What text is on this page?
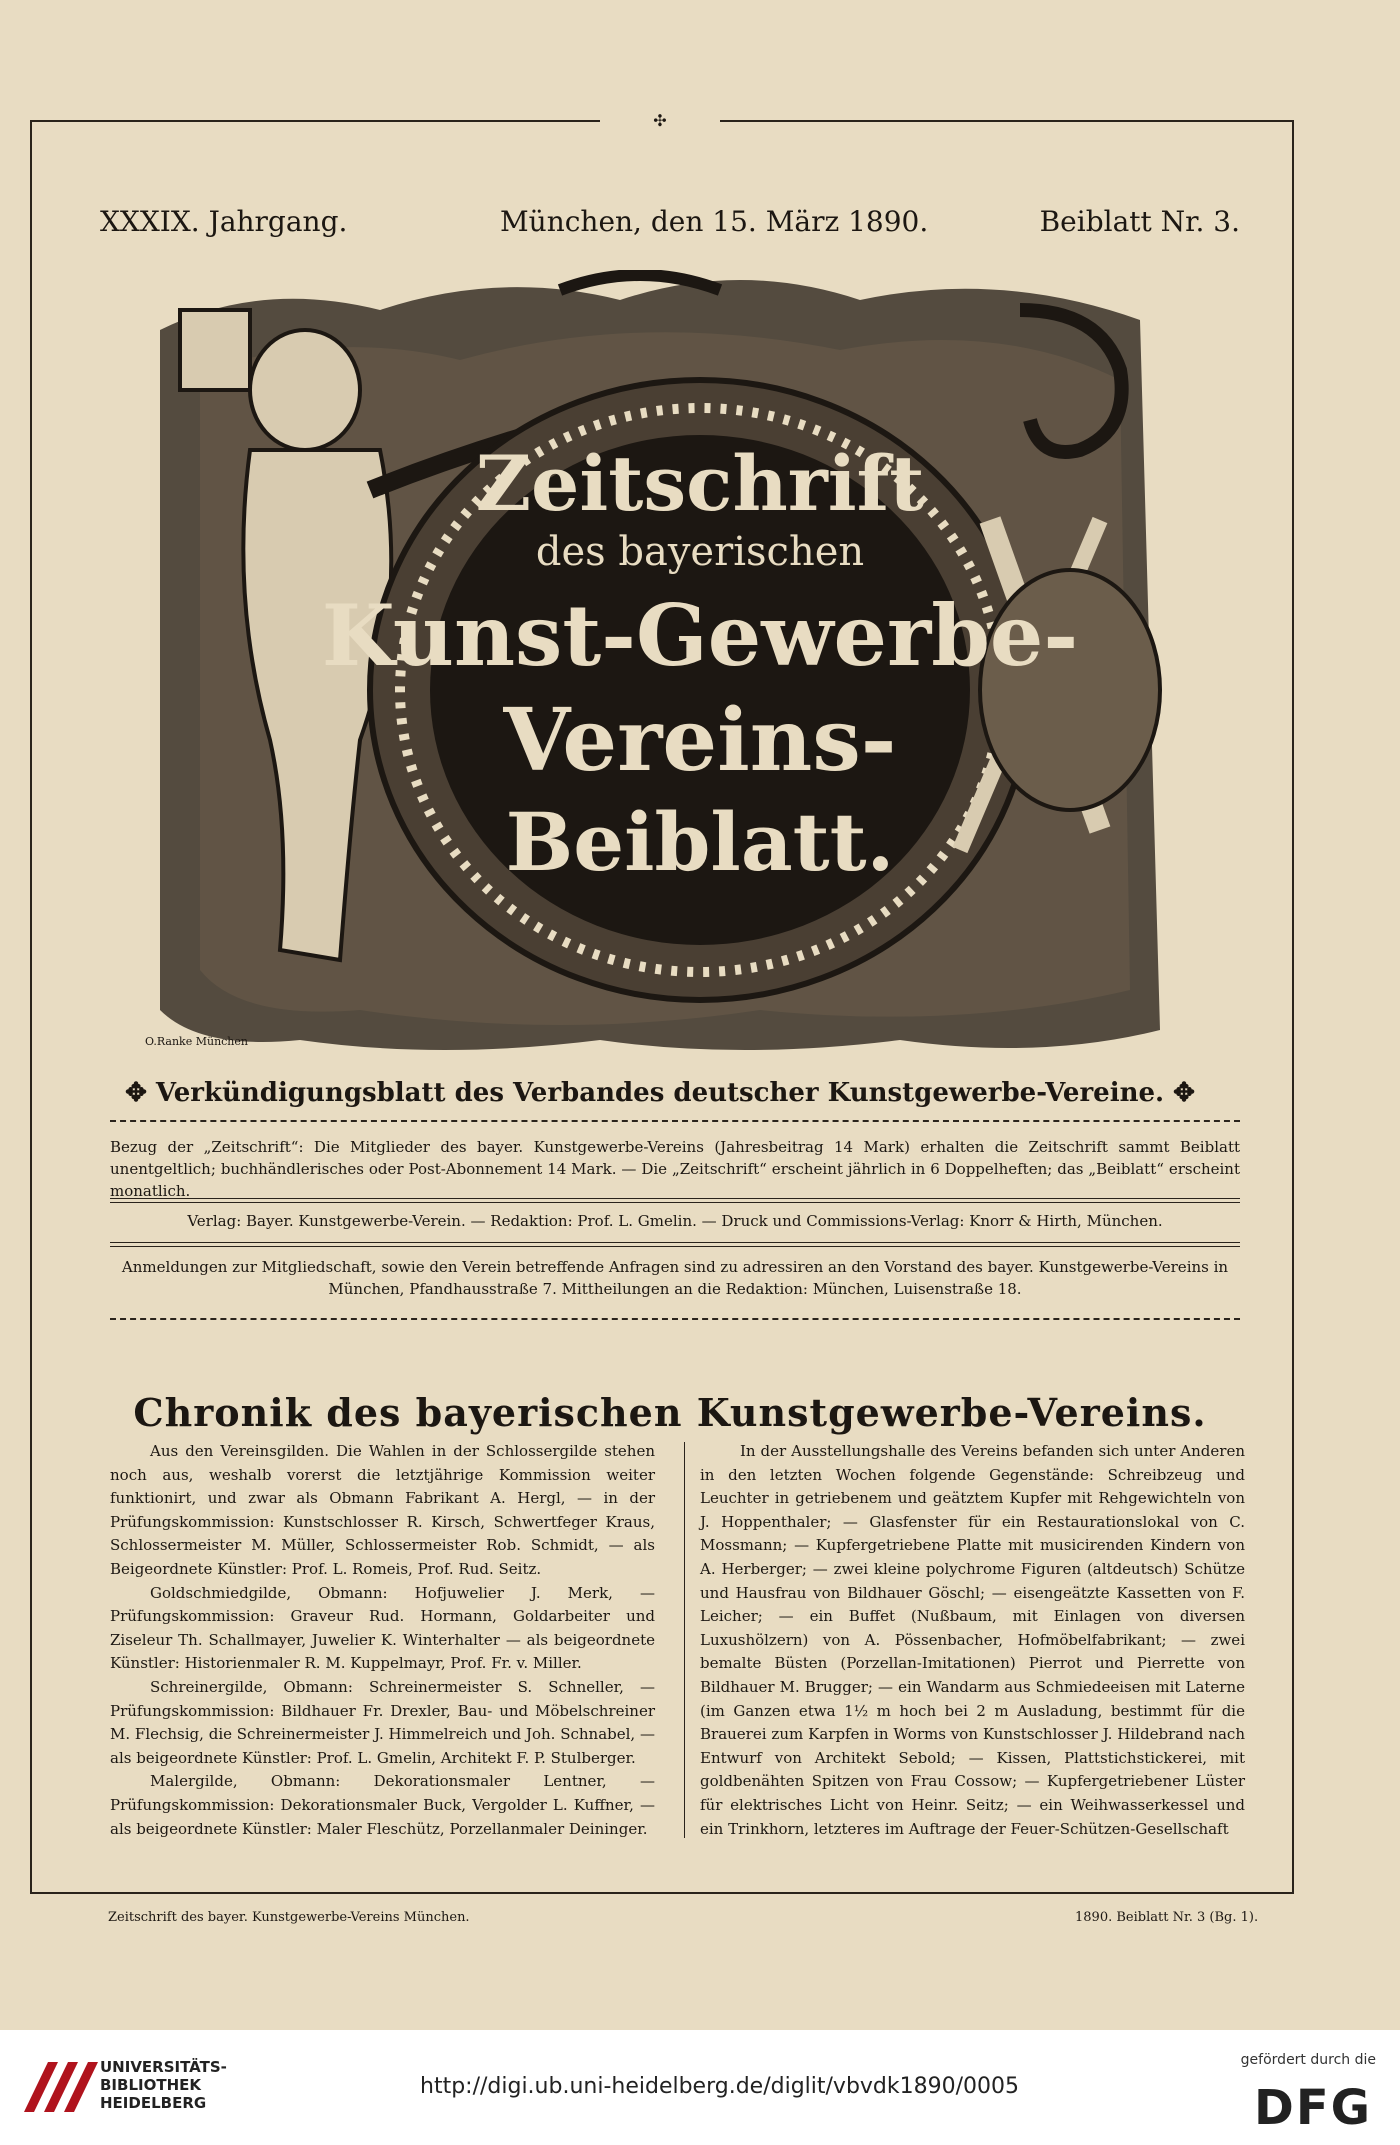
✣
XXXIX. Jahrgang.	München, den 15. März 1890.	Beiblatt Nr. 3.
Zeitschrift
des bayerischen
Kunst-Gewerbe-
Vereins-
Beiblatt.
O.Ranke München
✥ Verkündigungsblatt des Verbandes deutscher Kunstgewerbe-Vereine. ✥
Bezug der „Zeitschrift“: Die Mitglieder des bayer. Kunstgewerbe-Vereins (Jahresbeitrag 14 Mark) erhalten die Zeitschrift sammt Beiblatt unentgeltlich; buchhändlerisches oder Post-Abonnement 14 Mark. — Die „Zeitschrift“ erscheint jährlich in 6 Doppelheften; das „Beiblatt“ erscheint monatlich.
Verlag: Bayer. Kunstgewerbe-Verein. — Redaktion: Prof. L. Gmelin. — Druck und Commissions-Verlag: Knorr & Hirth, München.
Anmeldungen zur Mitgliedschaft, sowie den Verein betreffende Anfragen sind zu adressiren an den Vorstand des bayer. Kunstgewerbe-Vereins in München, Pfandhausstraße 7. Mittheilungen an die Redaktion: München, Luisenstraße 18.
Chronik des bayerischen Kunstgewerbe-Vereins.

Aus den Vereinsgilden. Die Wahlen in der Schlossergilde stehen noch aus, weshalb vorerst die letztjährige Kommission weiter funktionirt, und zwar als Obmann Fabrikant A. Hergl, — in der Prüfungskommission: Kunstschlosser R. Kirsch, Schwertfeger Kraus, Schlossermeister M. Müller, Schlossermeister Rob. Schmidt, — als Beigeordnete Künstler: Prof. L. Romeis, Prof. Rud. Seitz.

Goldschmiedgilde, Obmann: Hofjuwelier J. Merk, — Prüfungskommission: Graveur Rud. Hormann, Goldarbeiter und Ziseleur Th. Schallmayer, Juwelier K. Winterhalter — als beigeordnete Künstler: Historienmaler R. M. Kuppelmayr, Prof. Fr. v. Miller.

Schreinergilde, Obmann: Schreinermeister S. Schneller, — Prüfungskommission: Bildhauer Fr. Drexler, Bau- und Möbelschreiner M. Flechsig, die Schreinermeister J. Himmelreich und Joh. Schnabel, — als beigeordnete Künstler: Prof. L. Gmelin, Architekt F. P. Stulberger.

Malergilde, Obmann: Dekorationsmaler Lentner, — Prüfungskommission: Dekorationsmaler Buck, Vergolder L. Kuffner, — als beigeordnete Künstler: Maler Fleschütz, Porzellanmaler Deininger.

In der Ausstellungshalle des Vereins befanden sich unter Anderen in den letzten Wochen folgende Gegenstände: Schreibzeug und Leuchter in getriebenem und geätztem Kupfer mit Rehgewichteln von J. Hoppenthaler; — Glasfenster für ein Restaurationslokal von C. Mossmann; — Kupfergetriebene Platte mit musicirenden Kindern von A. Herberger; — zwei kleine polychrome Figuren (altdeutsch) Schütze und Hausfrau von Bildhauer Göschl; — eisengeätzte Kassetten von F. Leicher; — ein Buffet (Nußbaum, mit Einlagen von diversen Luxushölzern) von A. Pössenbacher, Hofmöbelfabrikant; — zwei bemalte Büsten (Porzellan-Imitationen) Pierrot und Pierrette von Bildhauer M. Brugger; — ein Wandarm aus Schmiedeeisen mit Laterne (im Ganzen etwa 1½ m hoch bei 2 m Ausladung, bestimmt für die Brauerei zum Karpfen in Worms von Kunstschlosser J. Hildebrand nach Entwurf von Architekt Sebold; — Kissen, Plattstichstickerei, mit goldbenähten Spitzen von Frau Cossow; — Kupfergetriebener Lüster für elektrisches Licht von Heinr. Seitz; — ein Weihwasserkessel und ein Trinkhorn, letzteres im Auftrage der Feuer-Schützen-Gesellschaft

Zeitschrift des bayer. Kunstgewerbe-Vereins München.	1890. Beiblatt Nr. 3 (Bg. 1).
UNIVERSITÄTS-
BIBLIOTHEK
HEIDELBERG
http://digi.ub.uni-heidelberg.de/diglit/vbvdk1890/0005
gefördert durch die
DFG
